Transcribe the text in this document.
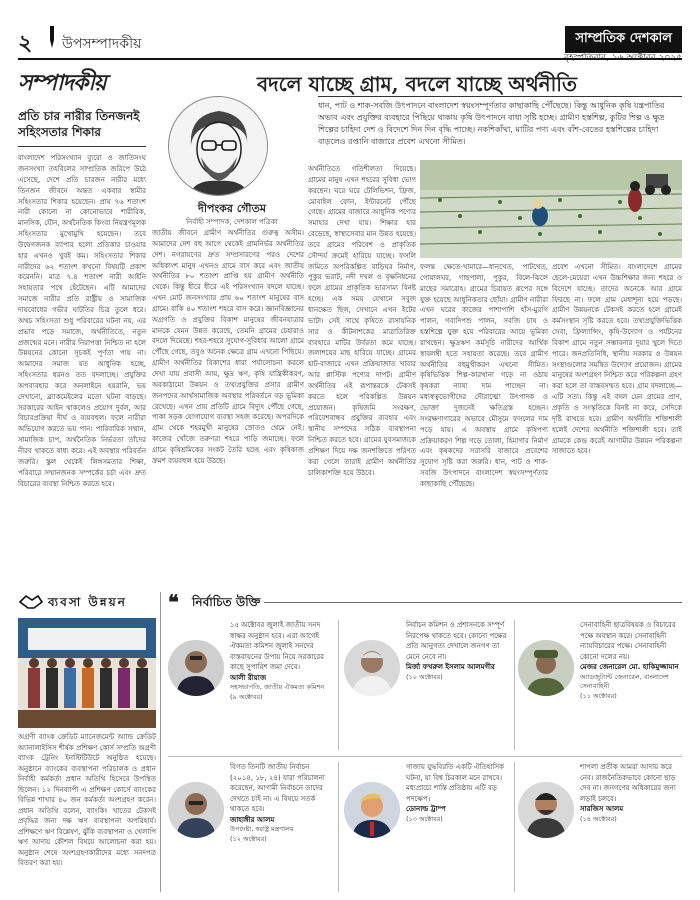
২ উপসম্পাদকীয়	সাম্প্রতিক দেশকাল
সম্পাদকীয়
প্রতি চার নারীর তিনজনই সহিংসতার শিকার
বাংলাদেশ পরিসংখ্যান ব্যুরো ও জাতিসংঘ জনসংখ্যা তহবিলের সাম্প্রতিক জরিপে উঠে এসেছে, দেশে প্রতি চারজন নারীর মধ্যে তিনজন জীবনে অন্তত একবার স্বামীর সহিংসতার শিকার হয়েছেন। প্রায় ৭৬ শতাংশ নারী কোনো না কোনোভাবে শারীরিক, মানসিক, যৌন, অর্থনৈতিক কিংবা নিয়ন্ত্রণমূলক সহিংসতার মুখোমুখি হয়েছেন। তবে উদ্বেগজনক ব্যাপার হলো প্রতিকার চাওয়ার হার এখনও খুবই কম। সহিংসতার শিকার নারীদের ৬২ শতাংশ কখনো বিষয়টি প্রকাশ করেননি। মাত্র ৭.৪ শতাংশ নারী আইনি সহায়তার পথে হেঁটেছেন। এটি আমাদের সমাজে নারীর প্রতি রাষ্ট্রীয় ও সামাজিক দায়বোধের গভীর ঘাটতির চিত্র তুলে ধরে। অথচ সহিংসতা শুধু পরিবারের ঘটনা নয়, এর প্রভাব পড়ে সমাজে, অর্থনীতিতে, নতুন প্রজন্মের মনে। নারীর নিরাপত্তা নিশ্চিত না হলে উন্নয়নের কোনো সূচকই পূর্ণতা পায় না। আমাদের সমাজ যত আধুনিক হচ্ছে, সহিংসতার ধরনও তত বদলাচ্ছে। প্রযুক্তির অপব্যবহার করে অনলাইনে হয়রানি, ভয় দেখানো, ব্ল্যাকমেইলের মতো ঘটনা বাড়ছে। সরকারের আইন থাকলেও প্রয়োগ দুর্বল, আর বিচারপ্রক্রিয়া দীর্ঘ ও ব্যয়বহুল। ফলে নারীরা অভিযোগ করতে ভয় পান। পারিবারিক সম্মান, সামাজিক চাপ, অর্থনৈতিক নির্ভরতা তাঁদের নীরব থাকতে বাধ্য করে। এই অবস্থার পরিবর্তন জরুরি। স্কুল থেকেই লিঙ্গসমতার শিক্ষা, পরিবারে সম্মানজনক সম্পর্কের চর্চা এবং দ্রুত বিচারের ব্যবস্থা নিশ্চিত করতে হবে।
বদলে যাচ্ছে গ্রাম, বদলে যাচ্ছে অর্থনীতি
ধান, পাট ও শাক-সবজি উৎপাদনে বাংলাদেশ স্বয়ংসম্পূর্ণতার কাছাকাছি পৌঁছেছে। কিন্তু আধুনিক কৃষি যন্ত্রপাতির অভাব এবং প্রযুক্তির ব্যবহারে পিছিয়ে থাকায় কৃষি উৎপাদনে বাধা সৃষ্টি হচ্ছে। গ্রামীণ হস্তশিল্প, কুটির শিল্প ও ক্ষুদ্র শিল্পের চাহিদা দেশ ও বিদেশে দিন দিন বৃদ্ধি পাচ্ছে। নকশিকাঁথা, মাটির পণ্য এবং বাঁশ-বেতের হস্তশিল্পের চাহিদা বাড়লেও রপ্তানি বাজারে প্রবেশ এখনো সীমিত।
দীপংকর গৌতম
নির্বাহী সম্পাদক, দেশকাল পত্রিকা
জাতীয় জীবনে গ্রামীণ অর্থনীতির গুরুত্ব অসীম। আমাদের দেশ বহু আগে থেকেই গ্রামনির্ভর অর্থনীতির দেশ। নগরায়ণের দ্রুত সম্প্রসারণের পরও দেশের অধিকাংশ মানুষ এখনও গ্রামে বাস করে এবং জাতীয় অর্থনীতির ৮০ শতাংশ প্রাপ্তি হয় গ্রামীণ অর্থনীতি থেকে। কিন্তু ধীরে ধীরে এই পরিসংখ্যান বদলে যাচ্ছে। এখন মোট জনসংখ্যার প্রায় ৬০ শতাংশ মানুষের বাস গ্রামে। বাকি ৪০ শতাংশ শহরে বাস করে। জ্ঞানবিজ্ঞানের অগ্রগতি ও প্রযুক্তির বিকাশ মানুষের জীবনযাত্রার মানকে যেমন উন্নত করেছে, তেমনি গ্রামের চেহারাও বদলে দিয়েছে। শহর-শহরে সুযোগ-সুবিধার আলো গ্রামে পৌঁছে গেছে, তবুও অনেক ক্ষেত্রে গ্রাম এখনো পিছিয়ে। গ্রামীণ অর্থনীতির বিকাশের ধারা পর্যালোচনা করলে দেখা যায় প্রবাসী আয়, ক্ষুদ্র ঋণ, কৃষি যান্ত্রিকীকরণ, অবকাঠামো উন্নয়ন ও তথ্যপ্রযুক্তির প্রসার গ্রামীণ জনপদের আর্থসামাজিক অবস্থার পরিবর্তনে বড় ভূমিকা রেখেছে। এখন প্রায় প্রতিটি গ্রামে বিদ্যুৎ পৌঁছে গেছে, পাকা সড়ক যোগাযোগ ব্যবস্থা সহজ করেছে। অপরদিকে গ্রাম থেকে শহরমুখী মানুষের স্রোতও থেমে নেই। কাজের খোঁজে তরুণরা শহরে পাড়ি জমাচ্ছে। ফলে গ্রামে কৃষিশ্রমিকের সংকট তৈরি হচ্ছে এবং কৃষিকাজ ক্রমশ ব্যয়বহুল হয়ে উঠছে।
অর্থনীতিতে গতিশীলতা দিয়েছে। গ্রামের মানুষ এখন শহরের সুবিধা ভোগ করছেন। ঘরে ঘরে টেলিভিশন, ফ্রিজ, মোবাইল ফোন, ইন্টারনেট পৌঁছে গেছে। গ্রামের বাজারে আধুনিক পণ্যের সমাহার দেখা যায়। শিক্ষার হার বেড়েছে, স্বাস্থ্যসেবার মান উন্নত হয়েছে। তবে গ্রামের পরিবেশ ও প্রাকৃতিক সৌন্দর্য ক্রমেই হারিয়ে যাচ্ছে। ফসলি জমিতে অপরিকল্পিত বাড়িঘর নির্মাণ, পুকুর ভরাট, নদী দখল ও বৃক্ষনিধনের ফলে গ্রামের প্রাকৃতিক ভারসাম্য বিনষ্ট হচ্ছে। এক সময় যেখানে সবুজ ধানক্ষেত ছিল, সেখানে এখন ইটের ভাটা। সেই সাথে কৃষিতে রাসায়নিক সার ও কীটনাশকের মাত্রাতিরিক্ত ব্যবহারে মাটির উর্বরতা কমে যাচ্ছে। জলাশয়ের মাছ হারিয়ে যাচ্ছে। গ্রামের হাট-বাজারে এখন প্রক্রিয়াজাত খাবার আর প্লাস্টিক পণ্যের দাপট। গ্রামীণ অর্থনীতির এই রূপান্তরকে টেকসই করতে হলে পরিকল্পিত উন্নয়ন প্রয়োজন। কৃষিজমি সংরক্ষণ, পরিবেশবান্ধব প্রযুক্তির ব্যবহার এবং স্থানীয় সম্পদের সঠিক ব্যবস্থাপনা নিশ্চিত করতে হবে। গ্রামের যুবসমাজকে প্রশিক্ষণ দিয়ে দক্ষ জনশক্তিতে পরিণত করা গেলে তারাই গ্রামীণ অর্থনীতির চালিকাশক্তি হয়ে উঠবে।
ফলন্ত ক্ষেতে-খামারে—ধানখেত, পাটখেত, গোয়ালঘর, গাছপালা, পুকুর, বিলে-ঝিলে মাছের সমারোহ। গ্রামের চিরায়ত রূপের সঙ্গে যুক্ত হয়েছে আধুনিকতার ছোঁয়া। গ্রামীণ নারীরা এখন ঘরের কাজের পাশাপাশি হাঁস-মুরগি পালন, গবাদিপশু পালন, সবজি চাষ ও হস্তশিল্পে যুক্ত হয়ে পরিবারের আয়ে ভূমিকা রাখছেন। ক্ষুদ্রঋণ কর্মসূচি নারীদের আর্থিক স্বাবলম্বী হতে সহায়তা করেছে। তবে গ্রামীণ অর্থনীতির বহুমুখীকরণ এখনো সীমিত। কৃষিভিত্তিক শিল্প-কারখানা গড়ে না ওঠায় কৃষকরা ন্যায্য দাম পাচ্ছেন না। মধ্যস্বত্বভোগীদের দৌরাত্ম্যে উৎপাদক ও ভোক্তা দুজনেই ক্ষতিগ্রস্ত হচ্ছেন। সংরক্ষণাগারের অভাবে মৌসুমে ফসলের দাম পড়ে যায়। এ অবস্থায় গ্রামে কৃষিপণ্য প্রক্রিয়াকরণ শিল্প গড়ে তোলা, হিমাগার নির্মাণ এবং কৃষকদের সরাসরি বাজারে প্রবেশের সুযোগ সৃষ্টি করা জরুরি। ধান, পাট ও শাক-সবজি উৎপাদনে বাংলাদেশ স্বয়ংসম্পূর্ণতার কাছাকাছি পৌঁছেছে।
প্রবেশ এখনো সীমিত। বাংলাদেশে গ্রামের ছেলে-মেয়েরা এখন উচ্চশিক্ষার জন্য শহরে ও বিদেশে যাচ্ছে। তাদের অনেকে আর গ্রামে ফিরছে না। ফলে গ্রাম মেধাশূন্য হয়ে পড়ছে। গ্রামীণ উন্নয়নকে টেকসই করতে হলে গ্রামেই কর্মসংস্থান সৃষ্টি করতে হবে। তথ্যপ্রযুক্তিভিত্তিক সেবা, ফ্রিল্যান্সিং, কৃষি-উদ্যোগ ও পর্যটনের বিকাশ গ্রামে নতুন সম্ভাবনার দুয়ার খুলে দিতে পারে। জনপ্রতিনিধি, স্থানীয় সরকার ও উন্নয়ন সংস্থাগুলোর সমন্বিত উদ্যোগ প্রয়োজন। গ্রামের মানুষের অংশগ্রহণ নিশ্চিত করে পরিকল্পনা গ্রহণ করা হলে তা বাস্তবসম্মত হবে। গ্রাম বদলাচ্ছে—এটি সত্য। কিন্তু এই বদল যেন গ্রামের প্রাণ, প্রকৃতি ও সংস্কৃতিকে বিনষ্ট না করে, সেদিকে দৃষ্টি রাখতে হবে। গ্রামীণ অর্থনীতি শক্তিশালী হলেই দেশের অর্থনীতি শক্তিশালী হবে। তাই গ্রামকে কেন্দ্র করেই আগামীর উন্নয়ন পরিকল্পনা সাজাতে হবে।
ব্যবসা উন্নয়ন
অগ্রণী ব্যাংক ক্রেডিট ম্যানেজমেন্ট অ্যান্ড ক্রেডিট অ্যানালাইসিস শীর্ষক প্রশিক্ষণ কোর্স সম্প্রতি অগ্রণী ব্যাংক ট্রেনিং ইনস্টিটিউটে অনুষ্ঠিত হয়েছে। অনুষ্ঠানে ব্যাংকের ব্যবস্থাপনা পরিচালক ও প্রধান নির্বাহী কর্মকর্তা প্রধান অতিথি হিসেবে উপস্থিত ছিলেন। ১২ দিনব্যাপী এ প্রশিক্ষণ কোর্সে ব্যাংকের বিভিন্ন শাখার ৪০ জন কর্মকর্তা অংশগ্রহণ করেন। প্রধান অতিথি বলেন, ব্যাংকিং খাতের টেকসই প্রবৃদ্ধির জন্য দক্ষ ঋণ ব্যবস্থাপনা অপরিহার্য। প্রশিক্ষণে ঋণ বিশ্লেষণ, ঝুঁকি ব্যবস্থাপনা ও খেলাপি ঋণ আদায় কৌশল বিষয়ে আলোচনা করা হয়। অনুষ্ঠান শেষে অংশগ্রহণকারীদের মধ্যে সনদপত্র বিতরণ করা হয়।
❝ নির্বাচিত উক্তি
১৫ অক্টোবর জুলাই জাতীয় সনদ স্বাক্ষর অনুষ্ঠান হবে। এরা আগেই ঐকমত্য কমিশন জুলাই সনদের বাস্তবায়নের উপায় নিয়ে সরকারের কাছে সুপারিশ জমা দেবে।
আলী রীয়াজ
সহসভাপতি, জাতীয় ঐকমত্য কমিশন
(৯ অক্টোবর)
নির্বাচন কমিশন ও প্রশাসনকে সম্পূর্ণ নিরপেক্ষ থাকতে হবে। কোনো পক্ষের প্রতি আনুগত্য দেখালে জনগণ তা মেনে নেবে না।
মির্জা ফখরুল ইসলাম আলমগীর
(১০ অক্টোবর)
সেনাবাহিনী ছাত্রবিষয়ক ও বিচারের পক্ষে অবস্থান করে। সেনাবাহিনী ন্যায়বিচারের পক্ষে। সেনাবাহিনী কোনো দলের নয়।
মেজর জেনারেল মো. হাকিমুজ্জামান
অ্যাডজুট্যান্ট জেনারেল, বাংলাদেশ সেনাবাহিনী
(১১ অক্টোবর)
বিগত তিনটি জাতীয় নির্বাচন (২০১৪, ১৮, ২৪) যারা পরিচালনা করেছেন, আগামী নির্বাচনে তাদের দেখতে চাই না। এ বিষয়ে সতর্ক থাকতে হবে।
জাহাঙ্গীর আলম
উপদেষ্টা, স্বরাষ্ট্র মন্ত্রণালয়
(১২ অক্টোবর)
গাজায় যুদ্ধবিরতি একটি ঐতিহাসিক ঘটনা, যা বিশ্ব চিরকাল মনে রাখবে। মধ্যপ্রাচ্যে শান্তি প্রতিষ্ঠায় এটি বড় পদক্ষেপ।
ডোনাল্ড ট্রাম্প
(১৩ অক্টোবর)
শাপলা প্রতীক আমরা আদায় করে নেব। রাজনৈতিকভাবে কোনো ছাড় দেব না। জনগণের অধিকারের জন্য লড়াই চলবে।
সারজিস আলম
(১৪ অক্টোবর)
